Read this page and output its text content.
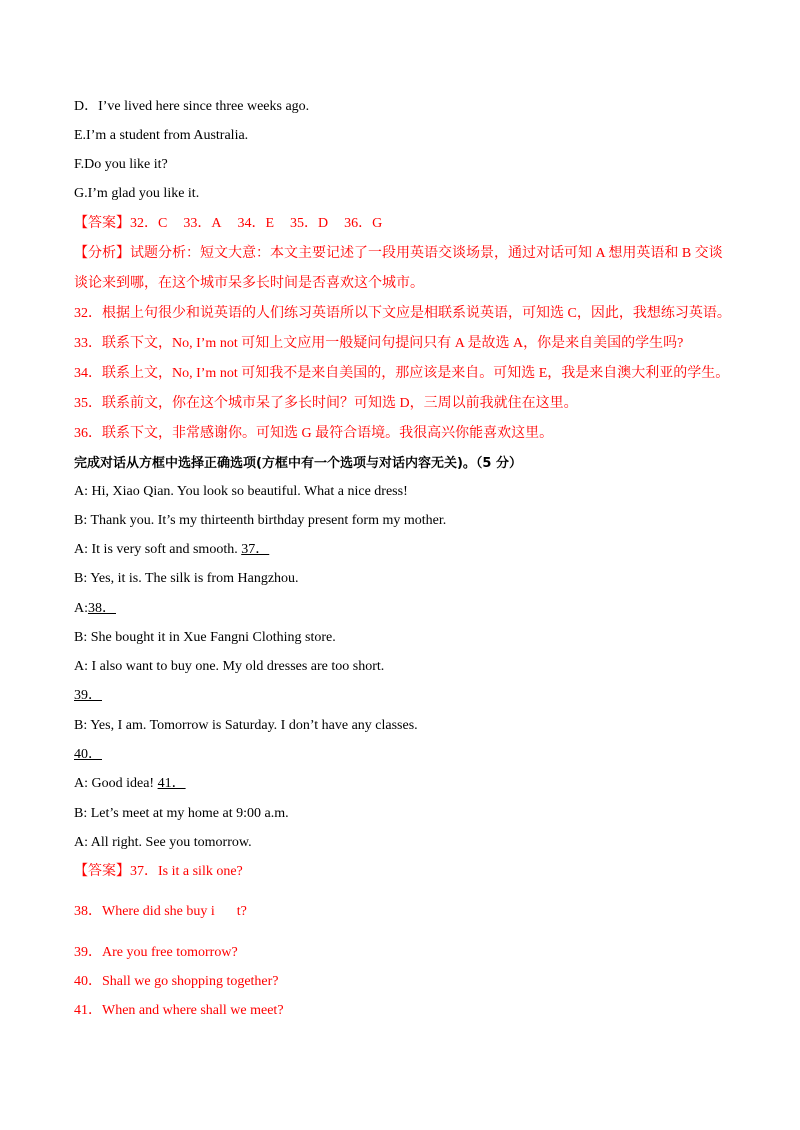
D．I’ve lived here since three weeks ago.
E.I’m a student from Australia.
F.Do you like it?
G.I’m glad you like it.
【答案】32．C 33．A 34．E 35．D 36．G
【分析】试题分析：短文大意：本文主要记述了一段用英语交谈场景，通过对话可知 A 想用英语和 B 交谈
谈论来到哪，在这个城市呆多长时间是否喜欢这个城市。
32．根据上句很少和说英语的人们练习英语所以下文应是相联系说英语，可知选 C，因此，我想练习英语。
33．联系下文，No, I’m not 可知上文应用一般疑问句提问只有 A 是故选 A，你是来自美国的学生吗?
34．联系上文，No, I’m not 可知我不是来自美国的，那应该是来自。可知选 E，我是来自澳大利亚的学生。
35．联系前文，你在这个城市呆了多长时间？可知选 D，三周以前我就住在这里。
36．联系下文，非常感谢你。可知选 G 最符合语境。我很高兴你能喜欢这里。
完成对话从方框中选择正确选项(方框中有一个选项与对话内容无关)。（5 分）
A: Hi, Xiao Qian. You look so beautiful. What a nice dress!
B: Thank you. It’s my thirteenth birthday present form my mother.
A: It is very soft and smooth. 37．
B: Yes, it is. The silk is from Hangzhou.
A:38．
B: She bought it in Xue Fangni Clothing store.
A: I also want to buy one. My old dresses are too short.
39．
B: Yes, I am. Tomorrow is Saturday. I don’t have any classes.
40．
A: Good idea! 41．
B: Let’s meet at my home at 9:00 a.m.
A: All right. See you tomorrow.
【答案】37．Is it a silk one?
38．Where did she buy i t?
39．Are you free tomorrow?
40．Shall we go shopping together?
41．When and where shall we meet?
